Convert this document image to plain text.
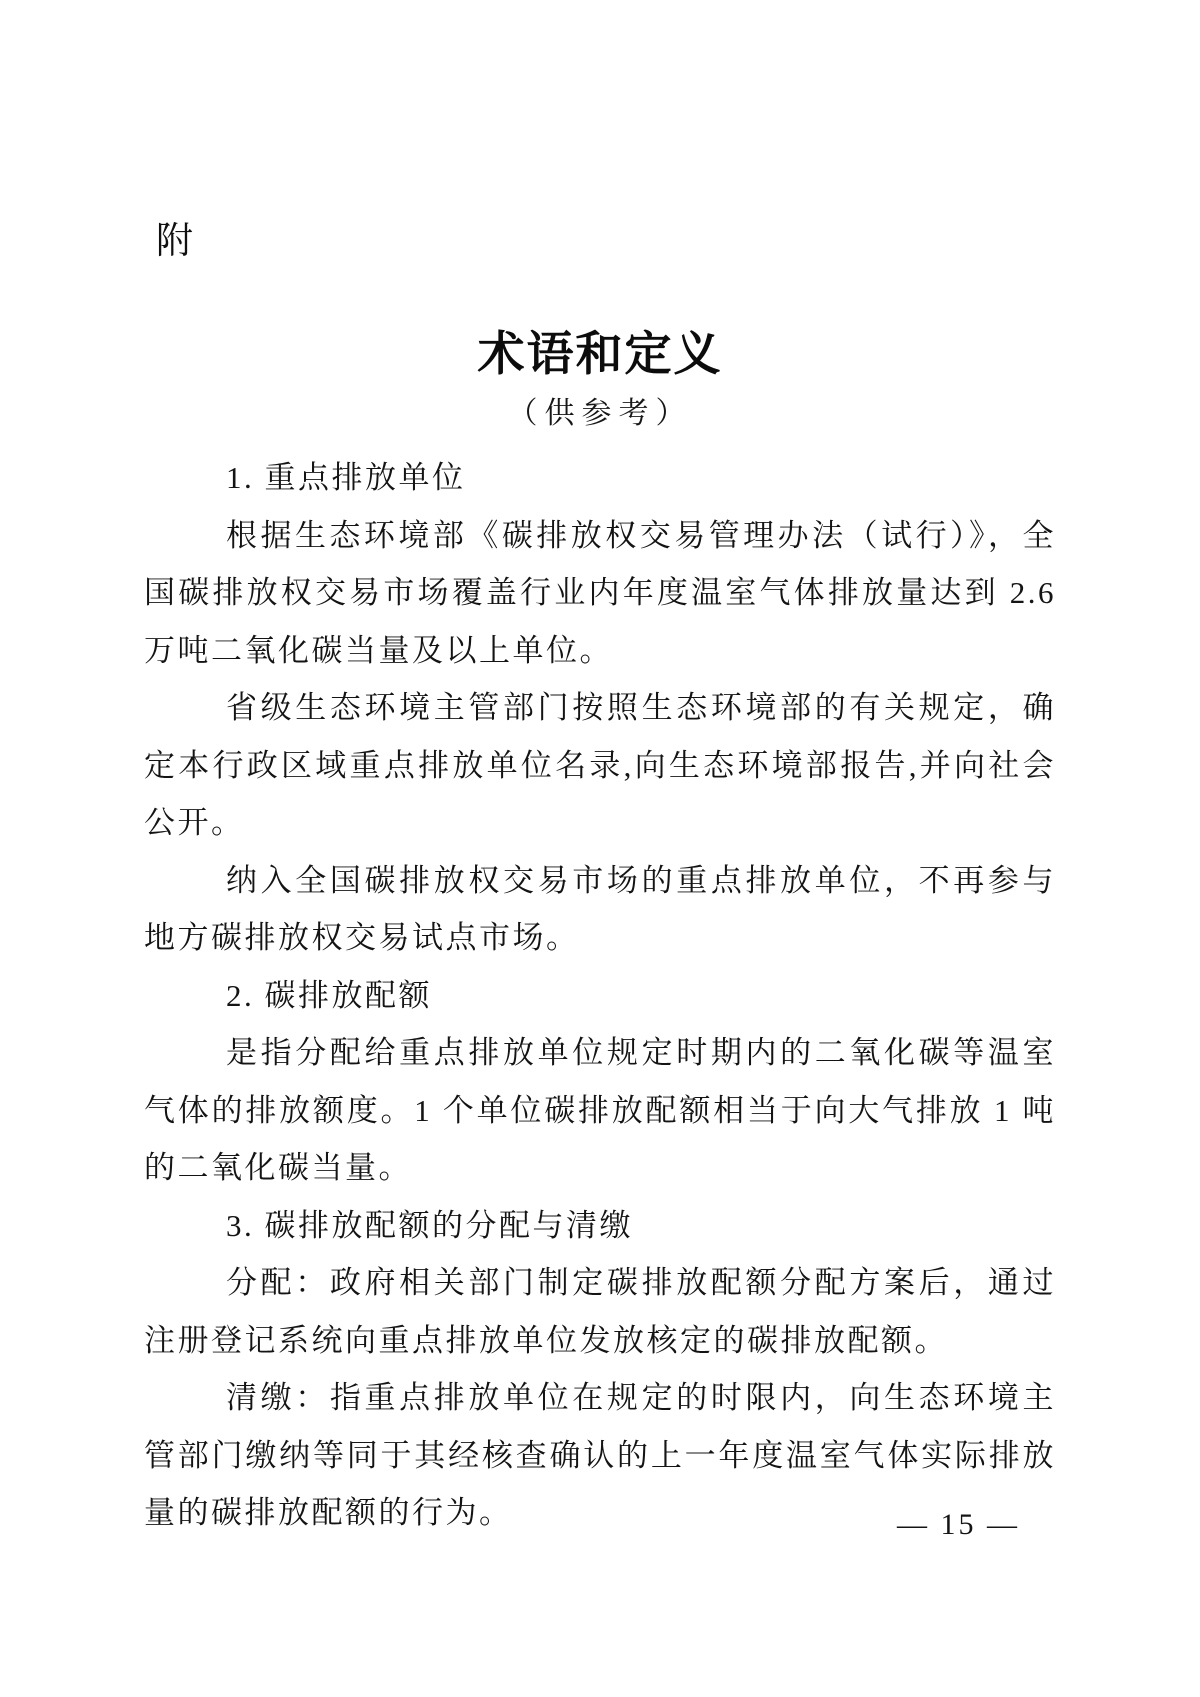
附
术语和定义
（供参考）

1. 重点排放单位

根据生态环境部《碳排放权交易管理办法（试行）》，全国碳排放权交易市场覆盖行业内年度温室气体排放量达到 2.6 万吨二氧化碳当量及以上单位。

省级生态环境主管部门按照生态环境部的有关规定，确定本行政区域重点排放单位名录,向生态环境部报告,并向社会公开。

纳入全国碳排放权交易市场的重点排放单位，不再参与地方碳排放权交易试点市场。

2. 碳排放配额

是指分配给重点排放单位规定时期内的二氧化碳等温室气体的排放额度。1 个单位碳排放配额相当于向大气排放 1 吨的二氧化碳当量。

3. 碳排放配额的分配与清缴

分配：政府相关部门制定碳排放配额分配方案后，通过注册登记系统向重点排放单位发放核定的碳排放配额。

清缴：指重点排放单位在规定的时限内，向生态环境主管部门缴纳等同于其经核查确认的上一年度温室气体实际排放量的碳排放配额的行为。	— 15 —
